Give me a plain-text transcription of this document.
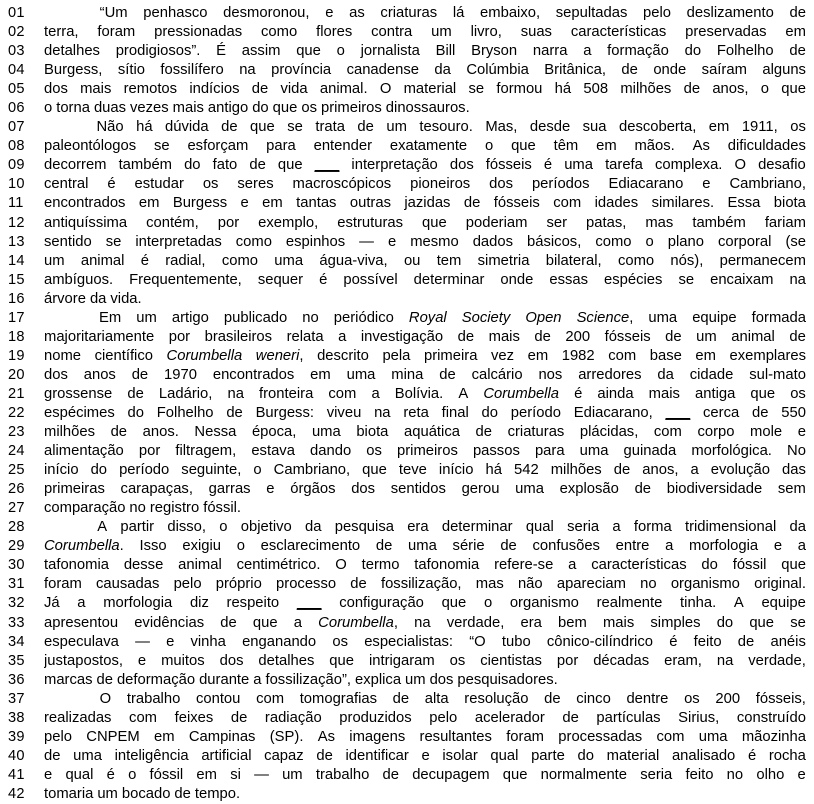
01	“Um penhasco desmoronou, e as criaturas lá embaixo, sepultadas pelo deslizamento de
02	terra, foram pressionadas como flores contra um livro, suas características preservadas em
03	detalhes prodigiosos”. É assim que o jornalista Bill Bryson narra a formação do Folhelho de
04	Burgess, sítio fossilífero na província canadense da Colúmbia Britânica, de onde saíram alguns
05	dos mais remotos indícios de vida animal. O material se formou há 508 milhões de anos, o que
06	o torna duas vezes mais antigo do que os primeiros dinossauros.
07	Não há dúvida de que se trata de um tesouro. Mas, desde sua descoberta, em 1911, os
08	paleontólogos se esforçam para entender exatamente o que têm em mãos. As dificuldades
09	decorrem também do fato de que ___ interpretação dos fósseis é uma tarefa complexa. O desafio
10	central é estudar os seres macroscópicos pioneiros dos períodos Ediacarano e Cambriano,
11	encontrados em Burgess e em tantas outras jazidas de fósseis com idades similares. Essa biota
12	antiquíssima contém, por exemplo, estruturas que poderiam ser patas, mas também fariam
13	sentido se interpretadas como espinhos — e mesmo dados básicos, como o plano corporal (se
14	um animal é radial, como uma água-viva, ou tem simetria bilateral, como nós), permanecem
15	ambíguos. Frequentemente, sequer é possível determinar onde essas espécies se encaixam na
16	árvore da vida.
17	Em um artigo publicado no periódico Royal Society Open Science, uma equipe formada
18	majoritariamente por brasileiros relata a investigação de mais de 200 fósseis de um animal de
19	nome científico Corumbella weneri, descrito pela primeira vez em 1982 com base em exemplares
20	dos anos de 1970 encontrados em uma mina de calcário nos arredores da cidade sul-mato
21	grossense de Ladário, na fronteira com a Bolívia. A Corumbella é ainda mais antiga que os
22	espécimes do Folhelho de Burgess: viveu na reta final do período Ediacarano, ___ cerca de 550
23	milhões de anos. Nessa época, uma biota aquática de criaturas plácidas, com corpo mole e
24	alimentação por filtragem, estava dando os primeiros passos para uma guinada morfológica. No
25	início do período seguinte, o Cambriano, que teve início há 542 milhões de anos, a evolução das
26	primeiras carapaças, garras e órgãos dos sentidos gerou uma explosão de biodiversidade sem
27	comparação no registro fóssil.
28	A partir disso, o objetivo da pesquisa era determinar qual seria a forma tridimensional da
29	Corumbella. Isso exigiu o esclarecimento de uma série de confusões entre a morfologia e a
30	tafonomia desse animal centimétrico. O termo tafonomia refere-se a características do fóssil que
31	foram causadas pelo próprio processo de fossilização, mas não apareciam no organismo original.
32	Já a morfologia diz respeito ___ configuração que o organismo realmente tinha. A equipe
33	apresentou evidências de que a Corumbella, na verdade, era bem mais simples do que se
34	especulava — e vinha enganando os especialistas: “O tubo cônico-cilíndrico é feito de anéis
35	justapostos, e muitos dos detalhes que intrigaram os cientistas por décadas eram, na verdade,
36	marcas de deformação durante a fossilização”, explica um dos pesquisadores.
37	O trabalho contou com tomografias de alta resolução de cinco dentre os 200 fósseis,
38	realizadas com feixes de radiação produzidos pelo acelerador de partículas Sirius, construído
39	pelo CNPEM em Campinas (SP). As imagens resultantes foram processadas com uma mãozinha
40	de uma inteligência artificial capaz de identificar e isolar qual parte do material analisado é rocha
41	e qual é o fóssil em si — um trabalho de decupagem que normalmente seria feito no olho e
42	tomaria um bocado de tempo.
